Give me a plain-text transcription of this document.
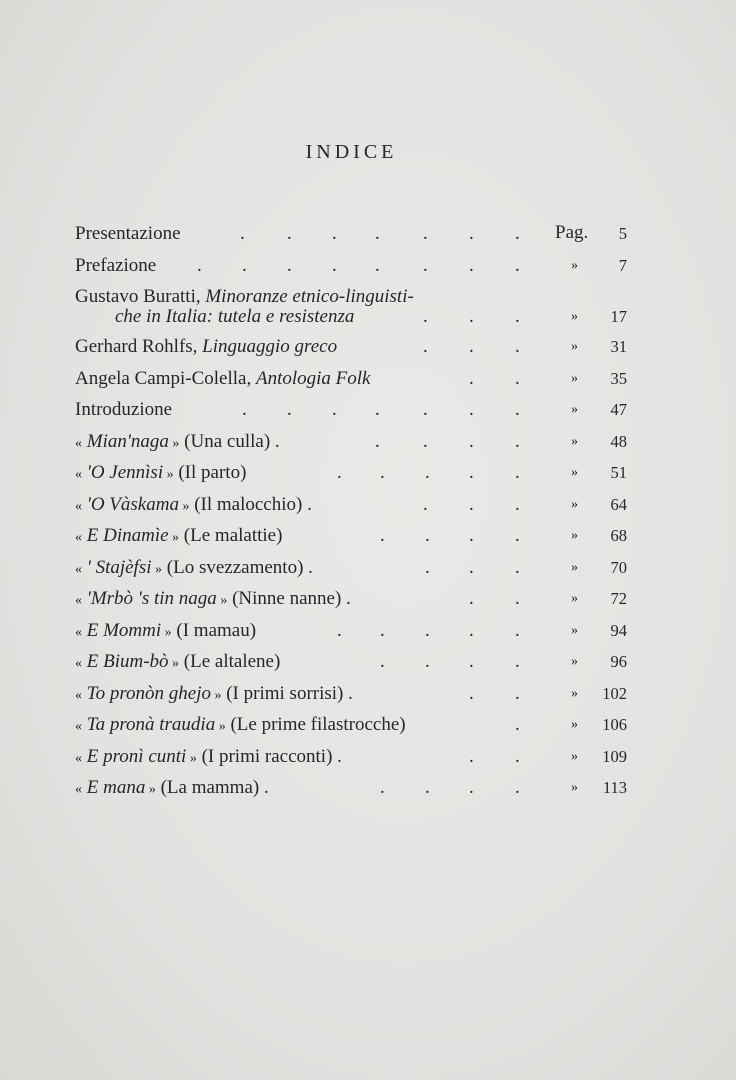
INDICE
Presentazione	. . . . . . . Pag. 5
Prefazione . . . . . . . .	» 7
Gustavo Buratti, Minoranze etnico-linguisti-
che in Italia: tutela e resistenza	. . .	» 17
Gerhard Rohlfs, Linguaggio greco	. . .	» 31
Angela Campi-Colella, Antologia Folk	. .	» 35
Introduzione	. . . . . . .	» 47
« Mian'naga » (Una culla) .	. . . .	» 48
« 'O Jennìsi » (Il parto)	. . . . .	» 51
« 'O Vàskama » (Il malocchio) .	. . .	» 64
« E Dinamìe » (Le malattie)	. . . .	» 68
« ' Stajèfsi » (Lo svezzamento) .	. . .	» 70
« 'Mrbò 's tin naga » (Ninne nanne) .	. .	» 72
« E Mommi » (I mamau)	. . . . .	» 94
« E Bium-bò » (Le altalene)	. . . .	» 96
« To pronòn ghejo » (I primi sorrisi) .	. .	» 102
« Ta pronà traudia » (Le prime filastrocche)	.	» 106
« E pronì cunti » (I primi racconti) .	. .	» 109
« E mana » (La mamma) .	. . . .	» 113
